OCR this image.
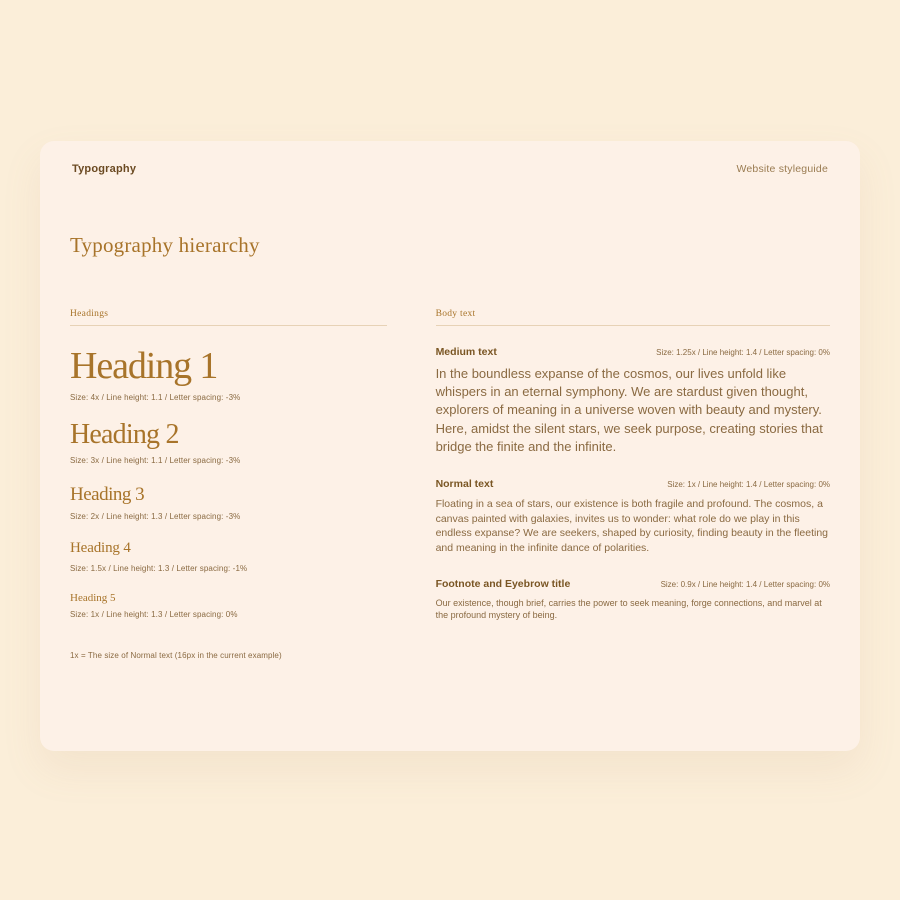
Typography	Website styleguide
Typography hierarchy
Headings
Heading 1
Size: 4x / Line height: 1.1 / Letter spacing: -3%
Heading 2
Size: 3x / Line height: 1.1 / Letter spacing: -3%
Heading 3
Size: 2x / Line height: 1.3 / Letter spacing: -3%
Heading 4
Size: 1.5x / Line height: 1.3 / Letter spacing: -1%
Heading 5
Size: 1x / Line height: 1.3 / Letter spacing: 0%
1x = The size of Normal text (16px in the current example)
Body text
Medium text	Size: 1.25x / Line height: 1.4 / Letter spacing: 0%
In the boundless expanse of the cosmos, our lives unfold like whispers in an eternal symphony. We are stardust given thought, explorers of meaning in a universe woven with beauty and mystery. Here, amidst the silent stars, we seek purpose, creating stories that bridge the finite and the infinite.
Normal text	Size: 1x / Line height: 1.4 / Letter spacing: 0%
Floating in a sea of stars, our existence is both fragile and profound. The cosmos, a canvas painted with galaxies, invites us to wonder: what role do we play in this endless expanse? We are seekers, shaped by curiosity, finding beauty in the fleeting and meaning in the infinite dance of polarities.
Footnote and Eyebrow title	Size: 0.9x / Line height: 1.4 / Letter spacing: 0%
Our existence, though brief, carries the power to seek meaning, forge connections, and marvel at the profound mystery of being.
